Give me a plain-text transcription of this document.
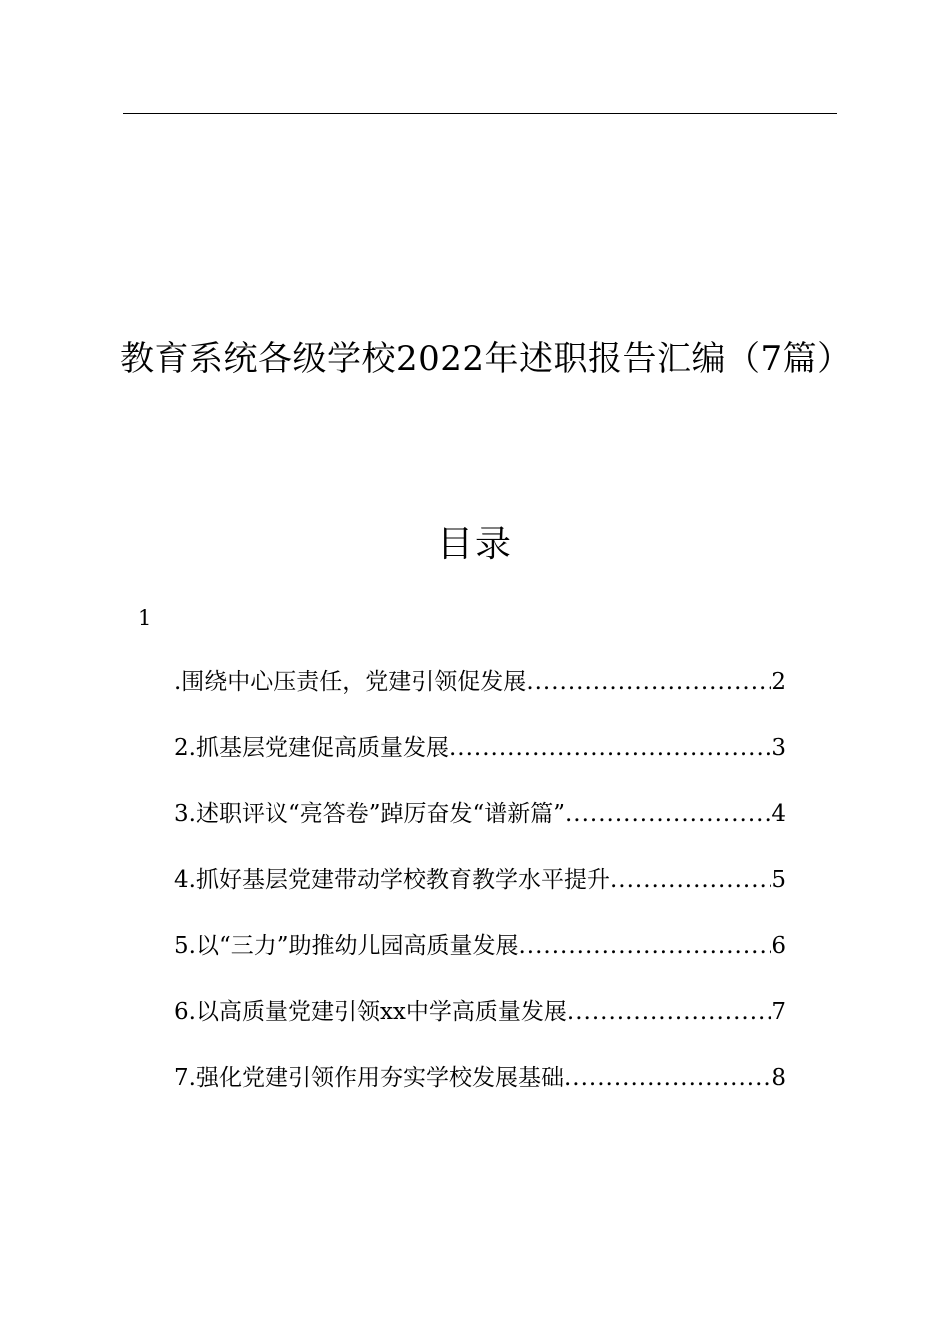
教育系统各级学校2022年述职报告汇编（7篇）
目录
1
.围绕中心压责任，党建引领促发展 .....	2
2.抓基层党建促高质量发展 .....	3
3.述职评议“亮答卷”踔厉奋发“谱新篇” .....	4
4.抓好基层党建带动学校教育教学水平提升 .....	5
5.以“三力”助推幼儿园高质量发展 .....	6
6.以高质量党建引领xx中学高质量发展 .....	7
7.强化党建引领作用夯实学校发展基础 .....	8
